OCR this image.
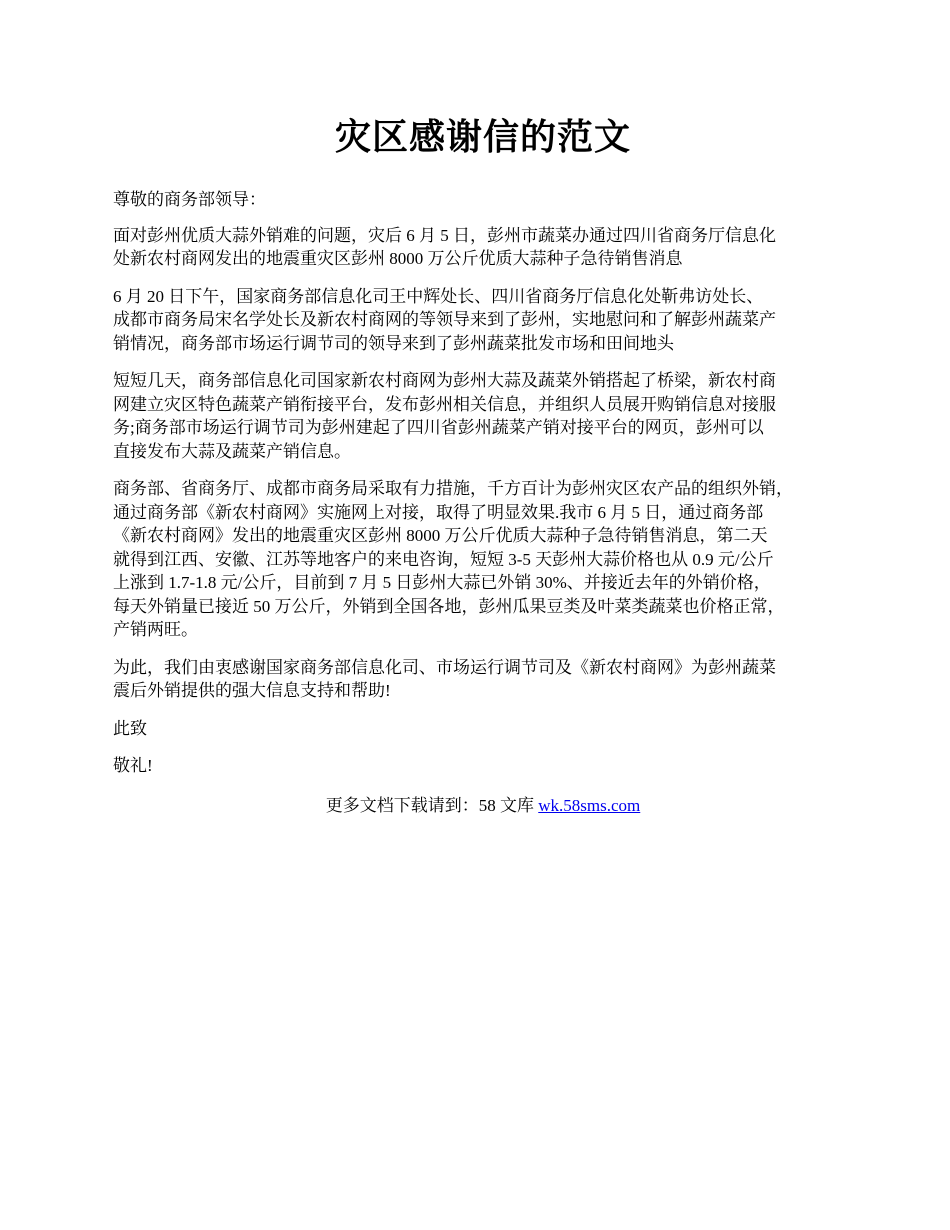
灾区感谢信的范文

尊敬的商务部领导：

面对彭州优质大蒜外销难的问题，灾后 6 月 5 日，彭州市蔬菜办通过四川省商务厅信息化
处新农村商网发出的地震重灾区彭州 8000 万公斤优质大蒜种子急待销售消息

6 月 20 日下午，国家商务部信息化司王中辉处长、四川省商务厅信息化处靳弗访处长、
成都市商务局宋名学处长及新农村商网的等领导来到了彭州，实地慰问和了解彭州蔬菜产
销情况，商务部市场运行调节司的领导来到了彭州蔬菜批发市场和田间地头

短短几天，商务部信息化司国家新农村商网为彭州大蒜及蔬菜外销搭起了桥梁，新农村商
网建立灾区特色蔬菜产销衔接平台，发布彭州相关信息，并组织人员展开购销信息对接服
务;商务部市场运行调节司为彭州建起了四川省彭州蔬菜产销对接平台的网页，彭州可以
直接发布大蒜及蔬菜产销信息。

商务部、省商务厅、成都市商务局采取有力措施，千方百计为彭州灾区农产品的组织外销，
通过商务部《新农村商网》实施网上对接，取得了明显效果.我市 6 月 5 日，通过商务部
《新农村商网》发出的地震重灾区彭州 8000 万公斤优质大蒜种子急待销售消息，第二天
就得到江西、安徽、江苏等地客户的来电咨询，短短 3-5 天彭州大蒜价格也从 0.9 元/公斤
上涨到 1.7-1.8 元/公斤，目前到 7 月 5 日彭州大蒜已外销 30%、并接近去年的外销价格，
每天外销量已接近 50 万公斤，外销到全国各地，彭州瓜果豆类及叶菜类蔬菜也价格正常，
产销两旺。

为此，我们由衷感谢国家商务部信息化司、市场运行调节司及《新农村商网》为彭州蔬菜
震后外销提供的强大信息支持和帮助!

此致

敬礼!

更多文档下载请到：58 文库 wk.58sms.com
